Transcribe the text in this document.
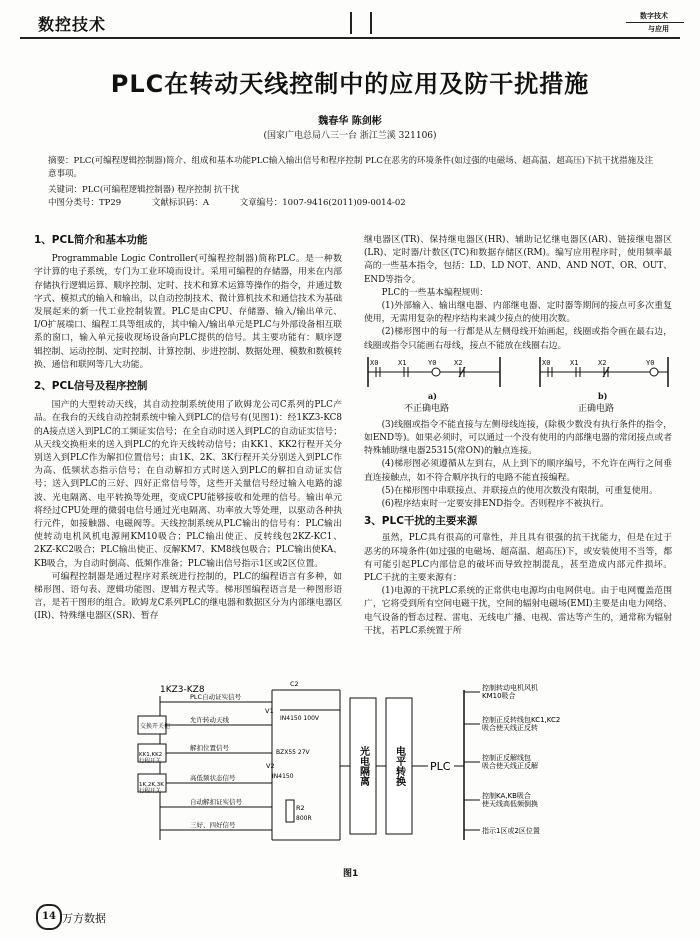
数控技术	数字技术
与应用
PLC在转动天线控制中的应用及防干扰措施
魏春华 陈剑彬
(国家广电总局八三一台 浙江兰溪 321106)
摘要：PLC(可编程逻辑控制器)简介、组成和基本功能PLC输入输出信号和程序控制 PLC在恶劣的环境条件(如过强的电磁场、超高温、超高压)下抗干扰措施及注意事项。
关键词：PLC(可编程逻辑控制器) 程序控制 抗干扰
中图分类号：TP29	文献标识码：A	文章编号：1007-9416(2011)09-0014-02
1、PCL简介和基本功能

Programmable Logic Controller(可编程控制器)简称PLC。是一种数字计算的电子系统，专门为工业环境而设计。采用可编程的存储器，用来在内部存储执行逻辑运算、顺序控制、定时、技术和算术运算等操作的指令，并通过数字式、模拟式的输入和输出，以自动控制技术、微计算机技术和通信技术为基础发展起来的新一代工业控制装置。PLC是由CPU、存储器、输入/输出单元、I/O扩展端口、编程工具等组成的，其中输入/输出单元是PLC与外部设备相互联系的窗口，输入单元接收现场设备向PLC提供的信号。其主要功能有：顺序逻辑控制、运动控制、定时控制、计算控制、步进控制、数据处理、模数和数模转换、通信和联网等几大功能。

2、PCL信号及程序控制

国产的大型转动天线，其自动控制系统使用了欧姆龙公司C系列的PLC产品。在我台的天线自动控制系统中输入到PLC的信号有(见图1)：经1KZ3-KC8的A接点送入到PLC的工频证实信号；在全自动时送入到PLC的自动证实信号；从天线交换柜来的送入到PLC的允许天线转动信号；由KK1、KK2行程开关分别送入到PLC作为解扣位置信号；由1K、2K、3K行程开关分别送入到PLC作为高、低频状态指示信号；在自动解扣方式时送入到PLC的解扣自动证实信号；送入到PLC的三好、四好正常信号等，这些开关量信号经过输入电路的滤波、光电隔离、电平转换等处理，变成CPU能够接收和处理的信号。输出单元将经过CPU处理的微弱电信号通过光电隔离、功率放大等处理，以驱动各种执行元件，如接触器、电磁阀等。天线控制系统从PLC输出的信号有：PLC输出使转动电机风机电源闸KM10吸合；PLC输出使正、反转线包2KZ-KC1、2KZ-KC2吸合；PLC输出使正、反解KM7、KM8线包吸合；PLC输出使KA、KB吸合，为自动时倒高、低频作准备；PLC输出信号指示1区或2区位置。

可编程控制器是通过程序对系统进行控制的，PLC的编程语言有多种，如梯形图、语句表、逻辑功能图、逻辑方程式等。梯形图编程语言是一种图形语言，是若干图形的组合。欧姆龙C系列PLC的继电器和数据区分为内部继电器区(IR)、特殊继电器区(SR)、暂存

继电器区(TR)、保持继电器区(HR)、辅助记忆继电器区(AR)、链接继电器区(LR)、定时器/计数区(TC)和数据存储区(RM)。编写应用程序时，使用频率最高的一些基本指令，包括：LD、LD NOT、AND、AND NOT、OR、OUT、END等指令。

PLC的一些基本编程规则：

(1)外部输入、输出继电器、内部继电器、定时器等期间的接点可多次重复使用，无需用复杂的程序结构来减少接点的使用次数。

(2)梯形图中的每一行都是从左侧母线开始画起，线圈或指令画在最右边，线圈或指令只能画右母线，接点不能放在线圈右边。

X0	X1	Y0	X2	X0	X1	X2	Y0
a)	b)
不正确电路	正确电路

(3)线圈或指令不能直接与左侧母线连接，(除极少数没有执行条件的指令，如END等)。如果必须时，可以通过一个没有使用的内部继电器的常闭接点或者特殊辅助继电器25315(常ON)的触点连接。

(4)梯形图必须遵循从左到右，从上到下的顺序编号，不允许在两行之间垂直连接触点，如不符合顺序执行的电路不能直接编程。

(5)在梯形图中串联接点、并联接点的使用次数没有限制，可重复使用。

(6)程序结束时一定要安排END指令。否则程序不被执行。

3、PLC干扰的主要来源

虽然，PLC具有很高的可靠性，并且具有很强的抗干扰能力，但是在过于恶劣的环境条件(如过强的电磁场、超高温、超高压)下，或安装使用不当等，都有可能引起PLC内部信息的破坏而导致控制混乱，甚至造成内部元件损坏。PLC干扰的主要来源有：

(1)电源的干扰PLC系统的正常供电电源均由电网供电。由于电网覆盖范围广，它将受到所有空间电磁干扰，空间的辐射电磁场(EMI)主要是由电力网络、电气设备的暂态过程、雷电、无线电广播、电视、雷达等产生的，通常称为辐射干扰，若PLC系统置于所

1KZ3-KZ8
PLC自动证实信号
交换开关柜
允许转动天线
KK1,KK2 行程开关
解扣位置信号
1K,2K,3K 行程开关
高低频状态信号
自动解扣证实信号
三好、四好信号
C2
V1
IN4150 100V
BZX55 27V
V2
IN4150
R2
800R
光电隔离	电平转换 PLC
控制转动电机风机 KM10吸合
控制正反转线包KC1,KC2 吸合使天线正反转
控制正反解线包吸合使天线正反解
控制KA,KB吸合使天线高低频倒换
指示1区或2区位置
图1
14 万方数据
